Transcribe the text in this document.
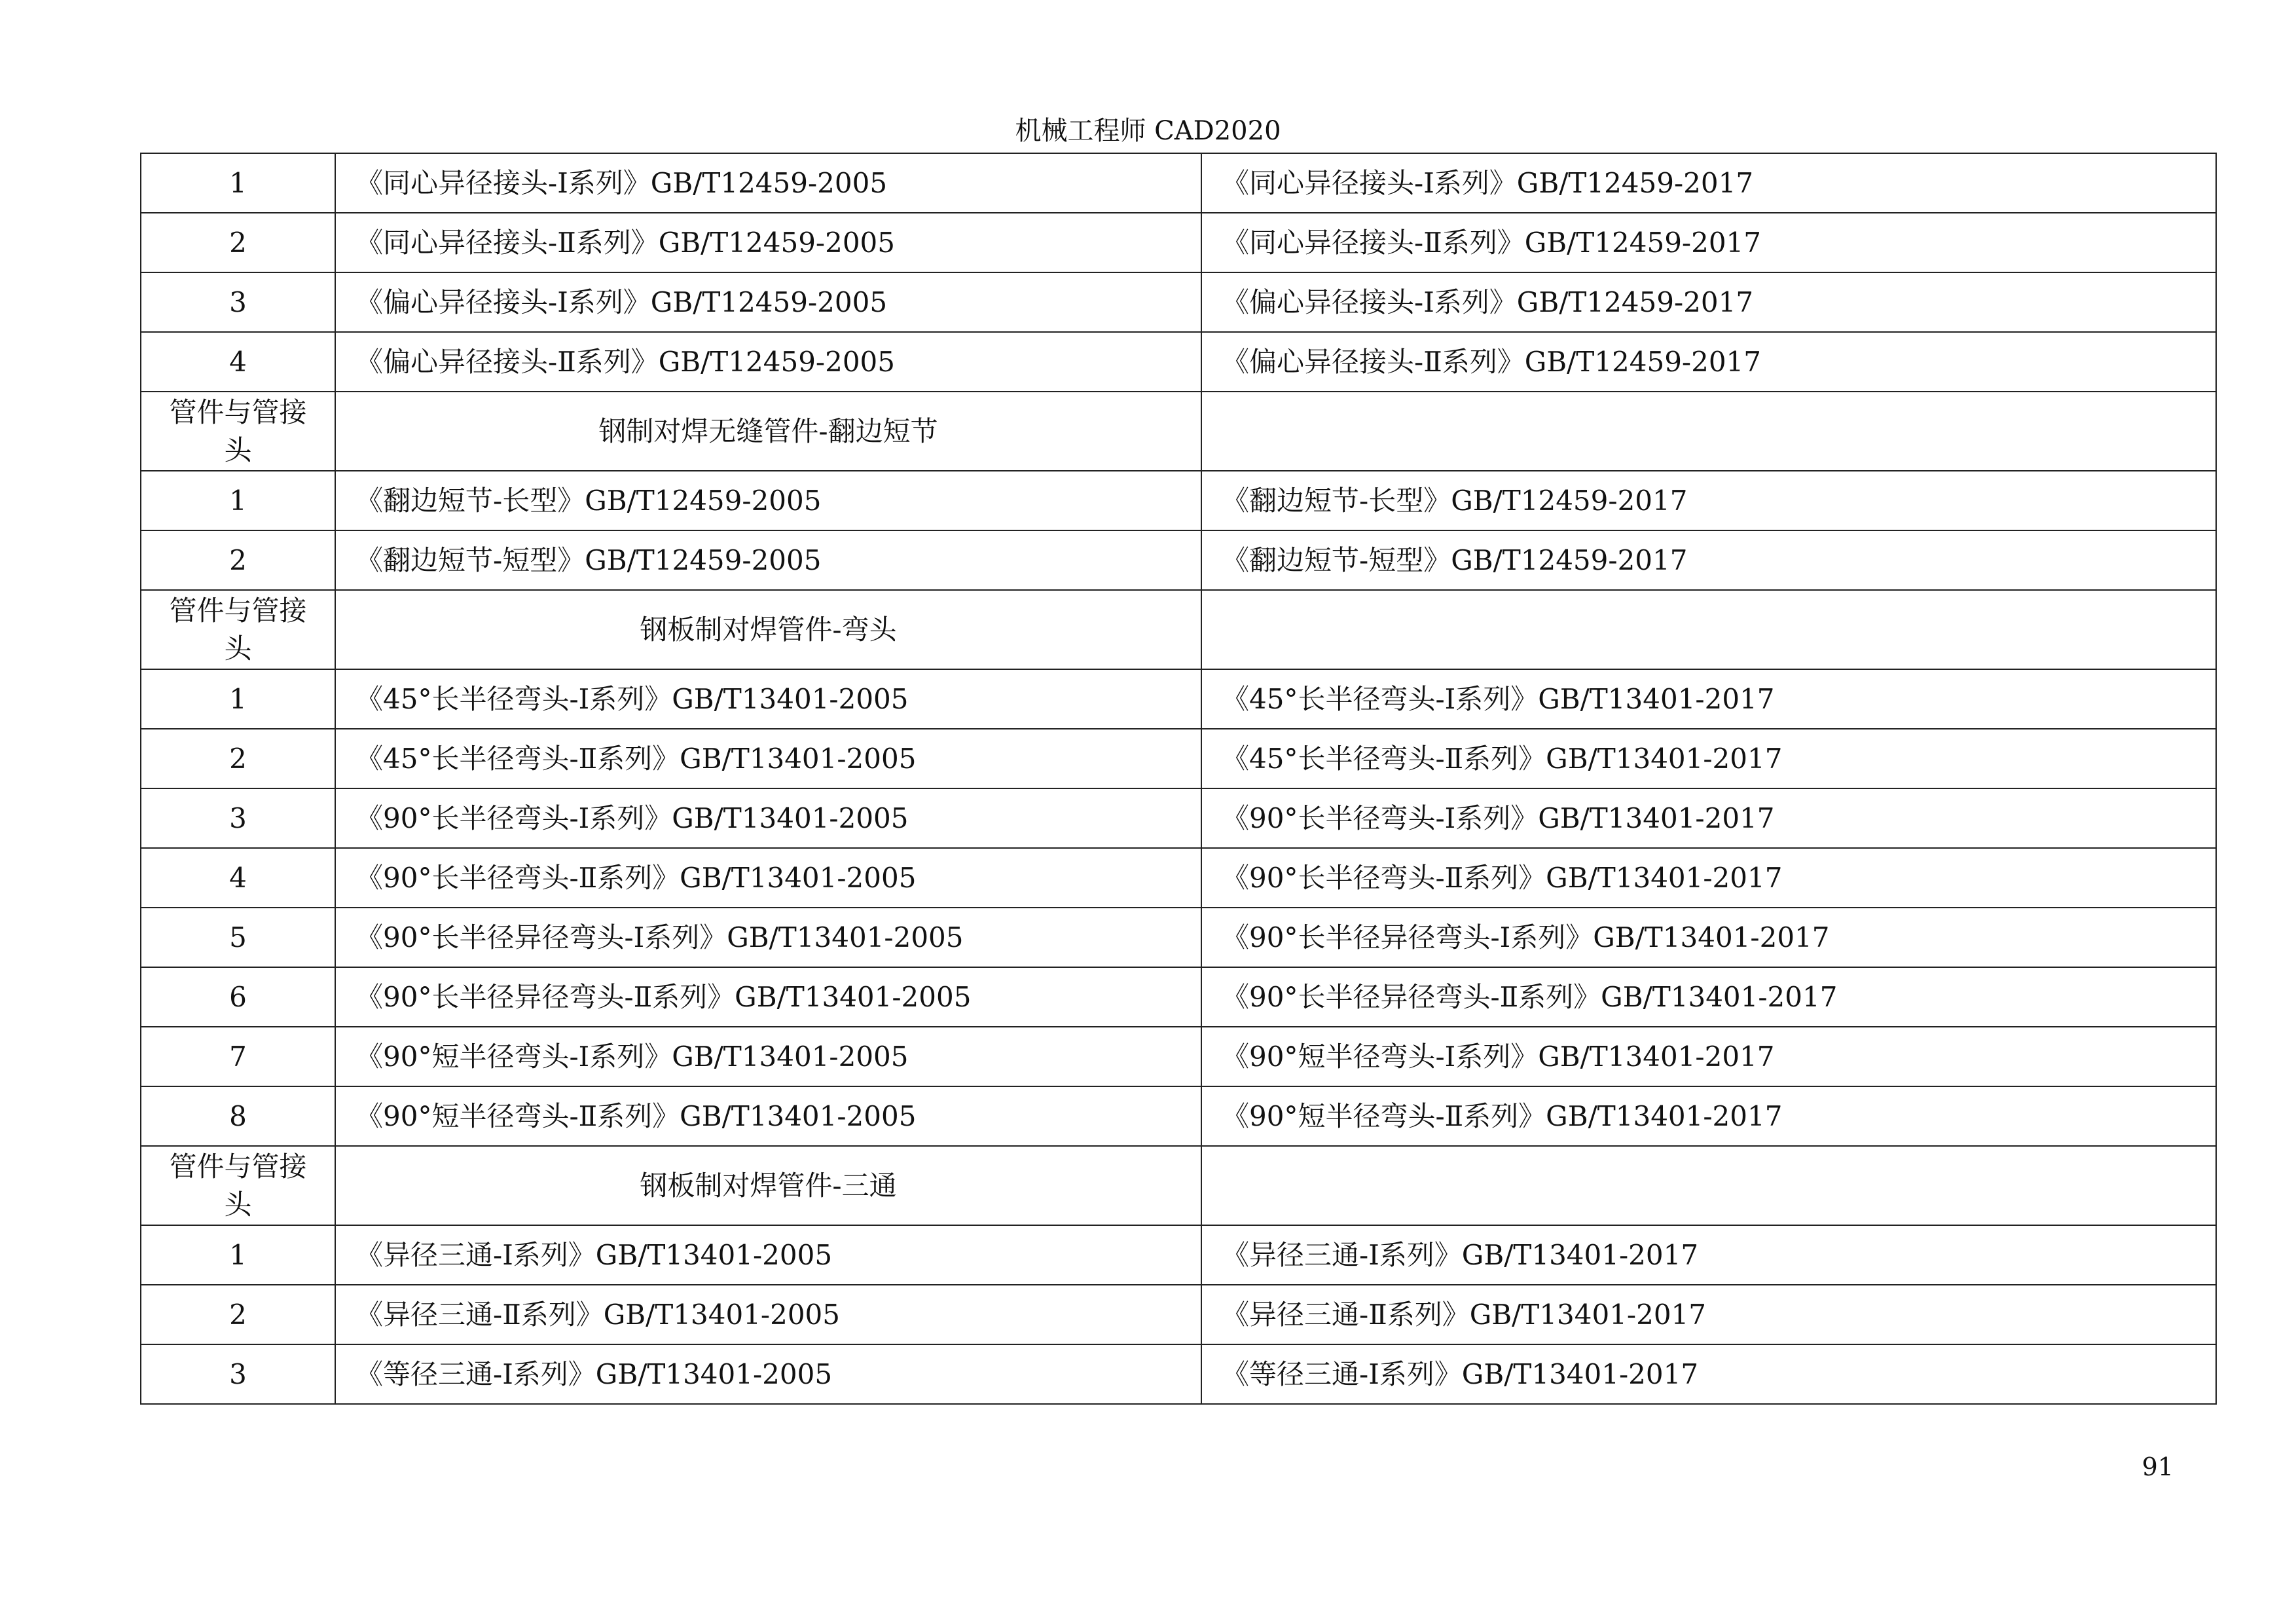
机械工程师 CAD2020
1	《同心异径接头-Ⅰ系列》GB/T12459-2005	《同心异径接头-Ⅰ系列》GB/T12459-2017
2	《同心异径接头-Ⅱ系列》GB/T12459-2005	《同心异径接头-Ⅱ系列》GB/T12459-2017
3	《偏心异径接头-Ⅰ系列》GB/T12459-2005	《偏心异径接头-Ⅰ系列》GB/T12459-2017
4	《偏心异径接头-Ⅱ系列》GB/T12459-2005	《偏心异径接头-Ⅱ系列》GB/T12459-2017
管件与管接头	钢制对焊无缝管件-翻边短节	
1	《翻边短节-长型》GB/T12459-2005	《翻边短节-长型》GB/T12459-2017
2	《翻边短节-短型》GB/T12459-2005	《翻边短节-短型》GB/T12459-2017
管件与管接头	钢板制对焊管件-弯头	
1	《45°长半径弯头-Ⅰ系列》GB/T13401-2005	《45°长半径弯头-Ⅰ系列》GB/T13401-2017
2	《45°长半径弯头-Ⅱ系列》GB/T13401-2005	《45°长半径弯头-Ⅱ系列》GB/T13401-2017
3	《90°长半径弯头-Ⅰ系列》GB/T13401-2005	《90°长半径弯头-Ⅰ系列》GB/T13401-2017
4	《90°长半径弯头-Ⅱ系列》GB/T13401-2005	《90°长半径弯头-Ⅱ系列》GB/T13401-2017
5	《90°长半径异径弯头-Ⅰ系列》GB/T13401-2005	《90°长半径异径弯头-Ⅰ系列》GB/T13401-2017
6	《90°长半径异径弯头-Ⅱ系列》GB/T13401-2005	《90°长半径异径弯头-Ⅱ系列》GB/T13401-2017
7	《90°短半径弯头-Ⅰ系列》GB/T13401-2005	《90°短半径弯头-Ⅰ系列》GB/T13401-2017
8	《90°短半径弯头-Ⅱ系列》GB/T13401-2005	《90°短半径弯头-Ⅱ系列》GB/T13401-2017
管件与管接头	钢板制对焊管件-三通	
1	《异径三通-Ⅰ系列》GB/T13401-2005	《异径三通-Ⅰ系列》GB/T13401-2017
2	《异径三通-Ⅱ系列》GB/T13401-2005	《异径三通-Ⅱ系列》GB/T13401-2017
3	《等径三通-Ⅰ系列》GB/T13401-2005	《等径三通-Ⅰ系列》GB/T13401-2017
91
